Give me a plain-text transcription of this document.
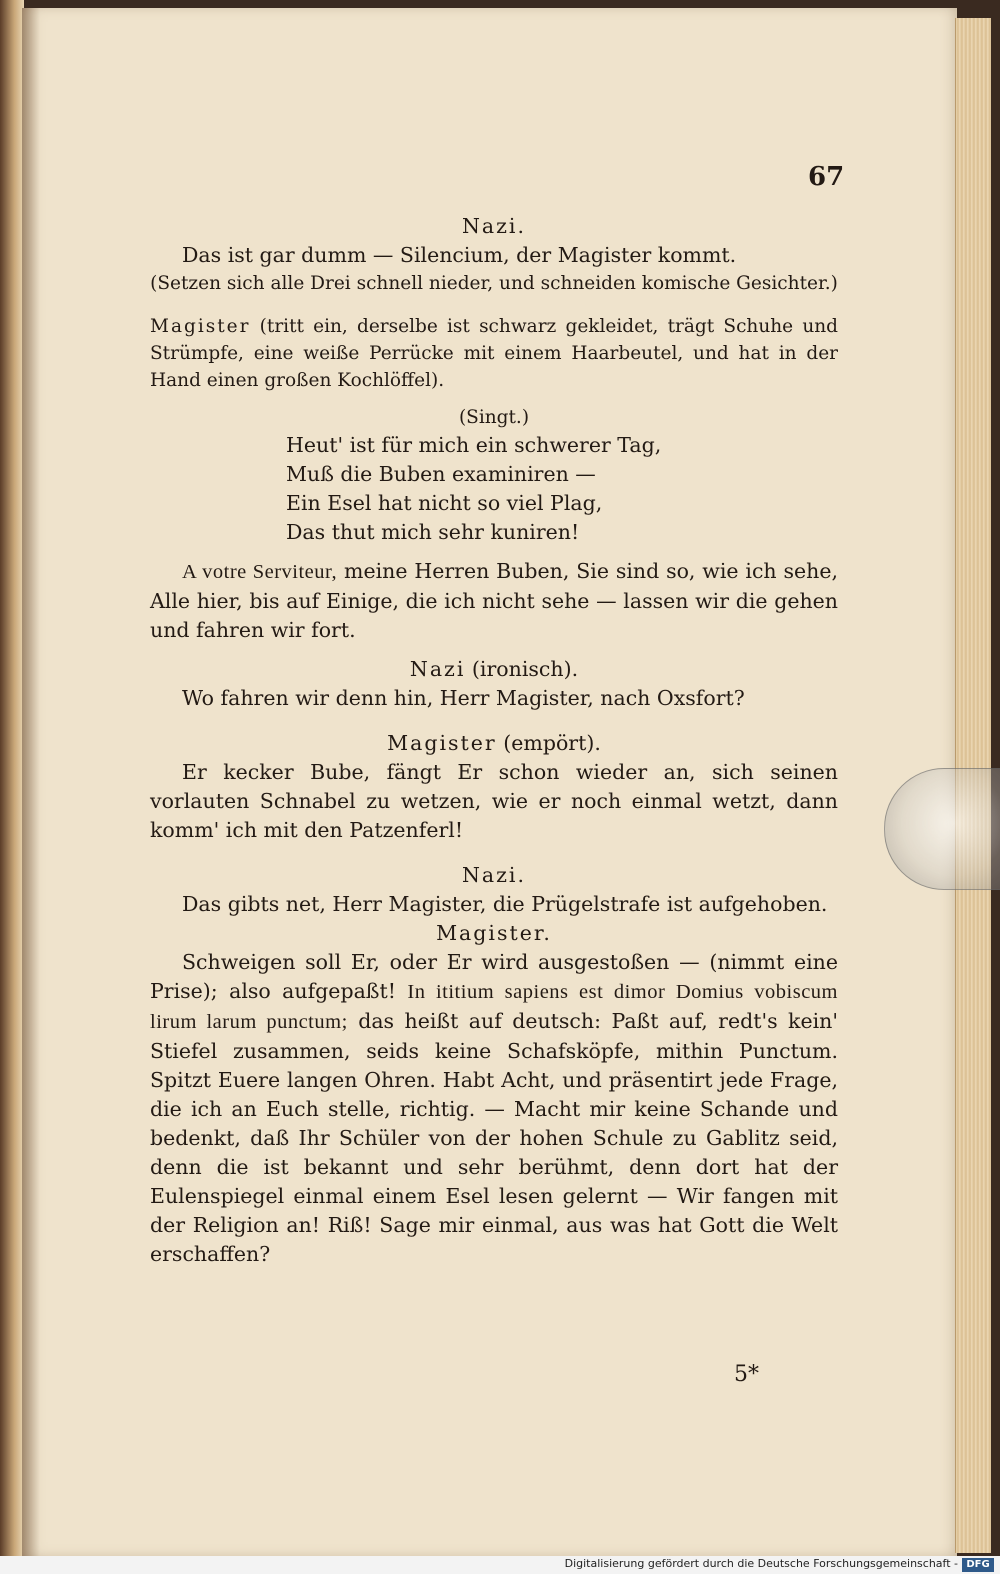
67

Nazi.

Das ist gar dumm — Silencium, der Magister kommt.

(Setzen sich alle Drei schnell nieder, und schneiden komische Gesichter.)

Magister (tritt ein, derselbe ist schwarz gekleidet, trägt Schuhe und Strümpfe, eine weiße Perrücke mit einem Haarbeutel, und hat in der Hand einen großen Kochlöffel).

(Singt.)

Heut' ist für mich ein schwerer Tag,

Muß die Buben examiniren —

Ein Esel hat nicht so viel Plag,

Das thut mich sehr kuniren!

A votre Serviteur, meine Herren Buben, Sie sind so, wie ich sehe, Alle hier, bis auf Einige, die ich nicht sehe — lassen wir die gehen und fahren wir fort.

Nazi (ironisch).

Wo fahren wir denn hin, Herr Magister, nach Oxsfort?

Magister (empört).

Er kecker Bube, fängt Er schon wieder an, sich seinen vorlauten Schnabel zu wetzen, wie er noch einmal wetzt, dann komm' ich mit den Patzenferl!

Nazi.

Das gibts net, Herr Magister, die Prügelstrafe ist aufgehoben.

Magister.

Schweigen soll Er, oder Er wird ausgestoßen — (nimmt eine Prise); also aufgepaßt! In ititium sapiens est dimor Domius vobiscum lirum larum punctum; das heißt auf deutsch: Paßt auf, redt's kein' Stiefel zusammen, seids keine Schafsköpfe, mithin Punctum. Spitzt Euere langen Ohren. Habt Acht, und präsentirt jede Frage, die ich an Euch stelle, richtig. — Macht mir keine Schande und bedenkt, daß Ihr Schüler von der hohen Schule zu Gablitz seid, denn die ist bekannt und sehr berühmt, denn dort hat der Eulenspiegel einmal einem Esel lesen gelernt — Wir fangen mit der Religion an! Riß! Sage mir einmal, aus was hat Gott die Welt erschaffen?

5*
Digitalisierung gefördert durch die Deutsche Forschungsgemeinschaft - DFG
